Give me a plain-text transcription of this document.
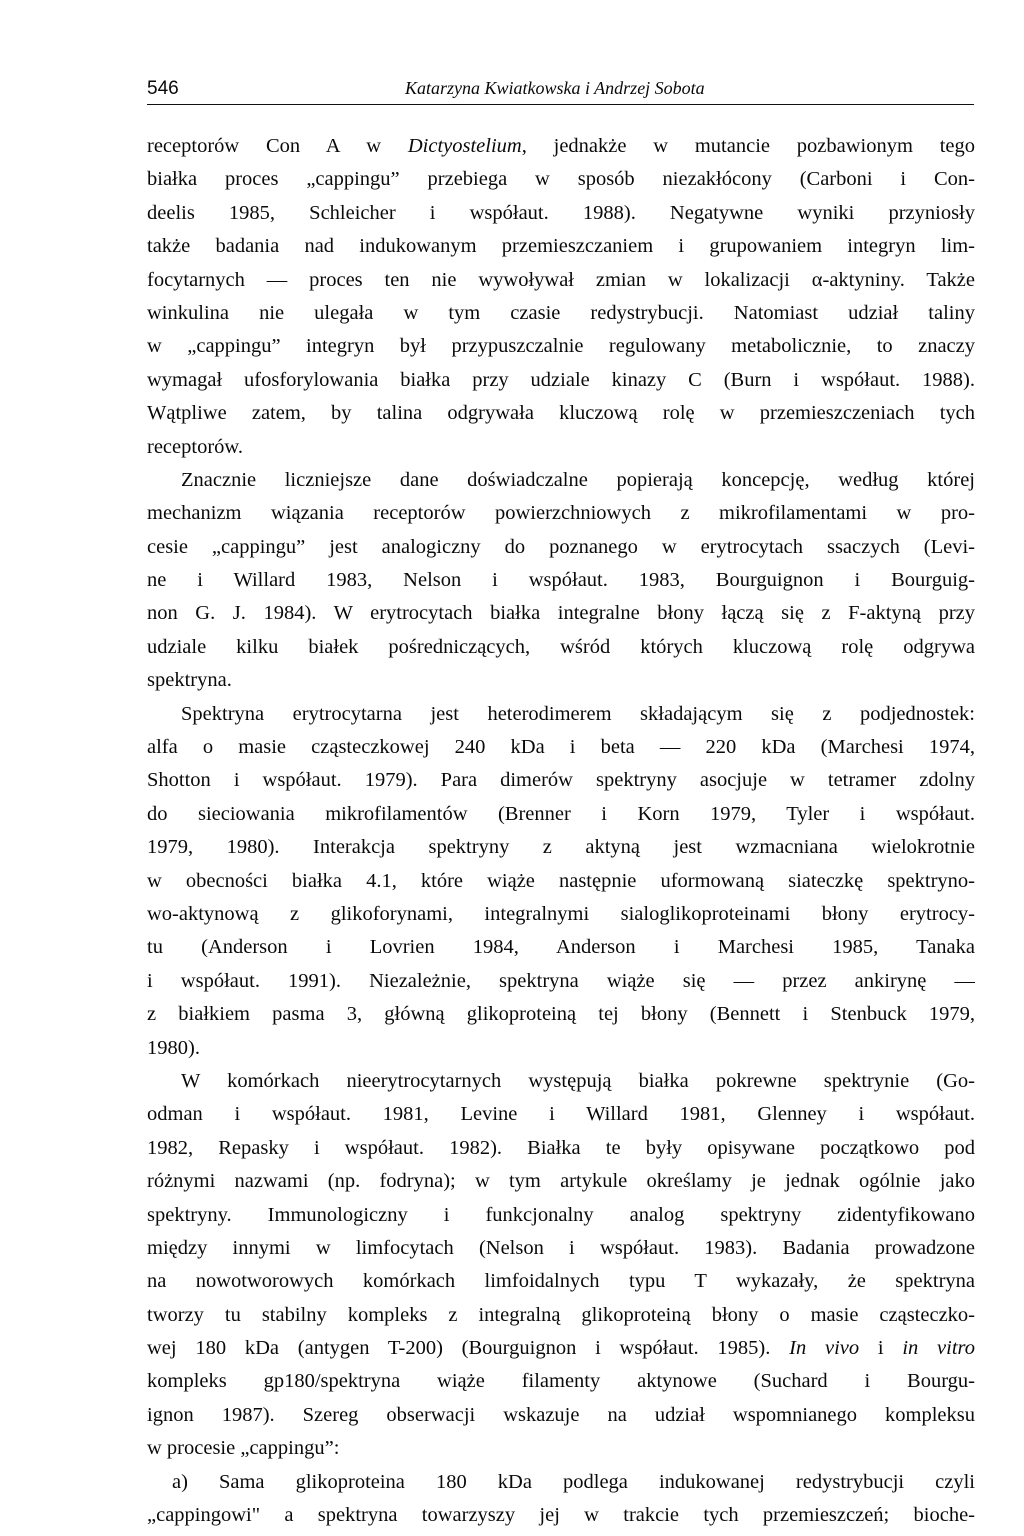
546	Katarzyna Kwiatkowska i Andrzej Sobota
receptorów Con A w Dictyostelium, jednakże w mutancie pozbawionym tego
białka proces „cappingu” przebiega w sposób niezakłócony (Carboni i Con-
deelis 1985, Schleicher i współaut. 1988). Negatywne wyniki przyniosły
także badania nad indukowanym przemieszczaniem i grupowaniem integryn lim-
focytarnych — proces ten nie wywoływał zmian w lokalizacji α-aktyniny. Także
winkulina nie ulegała w tym czasie redystrybucji. Natomiast udział taliny
w „cappingu” integryn był przypuszczalnie regulowany metabolicznie, to znaczy
wymagał ufosforylowania białka przy udziale kinazy C (Burn i współaut. 1988).
Wątpliwe zatem, by talina odgrywała kluczową rolę w przemieszczeniach tych
receptorów.
Znacznie liczniejsze dane doświadczalne popierają koncepcję, według której
mechanizm wiązania receptorów powierzchniowych z mikrofilamentami w pro-
cesie „cappingu” jest analogiczny do poznanego w erytrocytach ssaczych (Levi-
ne i Willard 1983, Nelson i współaut. 1983, Bourguignon i Bourguig-
non G. J. 1984). W erytrocytach białka integralne błony łączą się z F-aktyną przy
udziale kilku białek pośredniczących, wśród których kluczową rolę odgrywa
spektryna.
Spektryna erytrocytarna jest heterodimerem składającym się z podjednostek:
alfa o masie cząsteczkowej 240 kDa i beta — 220 kDa (Marchesi 1974,
Shotton i współaut. 1979). Para dimerów spektryny asocjuje w tetramer zdolny
do sieciowania mikrofilamentów (Brenner i Korn 1979, Tyler i współaut.
1979, 1980). Interakcja spektryny z aktyną jest wzmacniana wielokrotnie
w obecności białka 4.1, które wiąże następnie uformowaną siateczkę spektryno-
wo-aktynową z glikoforynami, integralnymi sialoglikoproteinami błony erytrocy-
tu (Anderson i Lovrien 1984, Anderson i Marchesi 1985, Tanaka
i współaut. 1991). Niezależnie, spektryna wiąże się — przez ankirynę —
z białkiem pasma 3, główną glikoproteiną tej błony (Bennett i Stenbuck 1979,
1980).
W komórkach nieerytrocytarnych występują białka pokrewne spektrynie (Go-
odman i współaut. 1981, Levine i Willard 1981, Glenney i współaut.
1982, Repasky i współaut. 1982). Białka te były opisywane początkowo pod
różnymi nazwami (np. fodryna); w tym artykule określamy je jednak ogólnie jako
spektryny. Immunologiczny i funkcjonalny analog spektryny zidentyfikowano
między innymi w limfocytach (Nelson i współaut. 1983). Badania prowadzone
na nowotworowych komórkach limfoidalnych typu T wykazały, że spektryna
tworzy tu stabilny kompleks z integralną glikoproteiną błony o masie cząsteczko-
wej 180 kDa (antygen T-200) (Bourguignon i współaut. 1985). In vivo i in vitro
kompleks gp180/spektryna wiąże filamenty aktynowe (Suchard i Bourgu-
ignon 1987). Szereg obserwacji wskazuje na udział wspomnianego kompleksu
w procesie „cappingu”:
a) Sama glikoproteina 180 kDa podlega indukowanej redystrybucji czyli
„cappingowi" a spektryna towarzyszy jej w trakcie tych przemieszczeń; bioche-
